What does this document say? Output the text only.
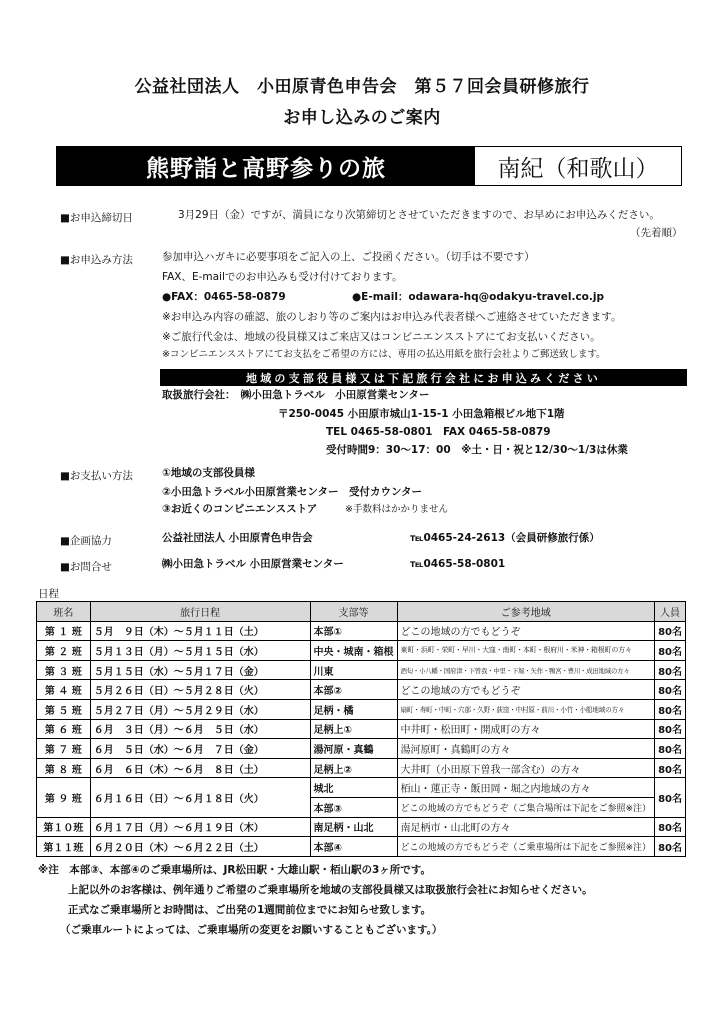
公益社団法人　小田原青色申告会　第５７回会員研修旅行
お申し込みのご案内
熊野詣と高野参りの旅	南紀（和歌山）
■お申込締切日	3月29日（金）ですが、満員になり次第締切とさせていただきますので、お早めにお申込みください。
（先着順）
■お申込み方法	参加申込ハガキに必要事項をご記入の上、ご投函ください。（切手は不要です）
FAX、E-mailでのお申込みも受け付けております。
●FAX：0465-58-0879	●E-mail：odawara-hq@odakyu-travel.co.jp
※お申込み内容の確認、旅のしおり等のご案内はお申込み代表者様へご連絡させていただきます。
※ご旅行代金は、地域の役員様又はご来店又はコンビニエンスストアにてお支払いください。
※コンビニエンスストアにてお支払をご希望の方には、専用の払込用紙を旅行会社よりご郵送致します。
地域の支部役員様又は下記旅行会社にお申込みください
取扱旅行会社：　㈱小田急トラベル　小田原営業センター
〒250-0045 小田原市城山1-15-1 小田急箱根ビル地下1階
TEL 0465-58-0801　FAX 0465-58-0879
受付時間9：30～17：00　※土・日・祝と12/30～1/3は休業
■お支払い方法	①地域の支部役員様
②小田急トラベル小田原営業センター　受付カウンター
③お近くのコンビニエンスストア	※手数料はかかりません
■企画協力	公益社団法人 小田原青色申告会	℡0465-24-2613（会員研修旅行係）
■お問合せ	㈱小田急トラベル 小田原営業センター	℡0465-58-0801
日程
班名	旅行日程	支部等	ご参考地域	人員
第 １ 班	５月　９日（木）～５月１１日（土）	本部①	どこの地域の方でもどうぞ	80名
第 ２ 班	５月１３日（月）～５月１５日（水）	中央・城南・箱根	東町・浜町・栄町・早川・大窪・南町・本町・根府川・米神・箱根町の方々	80名
第 ３ 班	５月１５日（水）～５月１７日（金）	川東	酒匂・小八幡・国府津・下曽我・中里・下堀・矢作・鴨宮・豊川・成田地域の方々	80名
第 ４ 班	５月２６日（日）～５月２８日（火）	本部②	どこの地域の方でもどうぞ	80名
第 ５ 班	５月２７日（月）～５月２９日（水）	足柄・橘	扇町・寿町・中町・穴部・久野・荻窪・中村原・前川・小竹・小船地域の方々	80名
第 ６ 班	６月　３日（月）～６月　５日（水）	足柄上①	中井町・松田町・開成町の方々	80名
第 ７ 班	６月　５日（水）～６月　７日（金）	湯河原・真鶴	湯河原町・真鶴町の方々	80名
第 ８ 班	６月　６日（木）～６月　８日（土）	足柄上②	大井町（小田原下曽我一部含む）の方々	80名
第 ９ 班	６月１６日（日）～６月１８日（火）	城北	栢山・蓮正寺・飯田岡・堀之内地域の方々	80名
		本部③	どこの地域の方でもどうぞ（ご集合場所は下記をご参照※注）	
第１０班	６月１７日（月）～６月１９日（木）	南足柄・山北	南足柄市・山北町の方々	80名
第１１班	６月２０日（木）～６月２２日（土）	本部④	どこの地域の方でもどうぞ（ご乗車場所は下記をご参照※注）	80名
※注　本部③、本部④のご乗車場所は、JR松田駅・大雄山駅・栢山駅の3ヶ所です。
上記以外のお客様は、例年通りご希望のご乗車場所を地域の支部役員様又は取扱旅行会社にお知らせください。
正式なご乗車場所とお時間は、ご出発の1週間前位までにお知らせ致します。
（ご乗車ルートによっては、ご乗車場所の変更をお願いすることもございます。）
